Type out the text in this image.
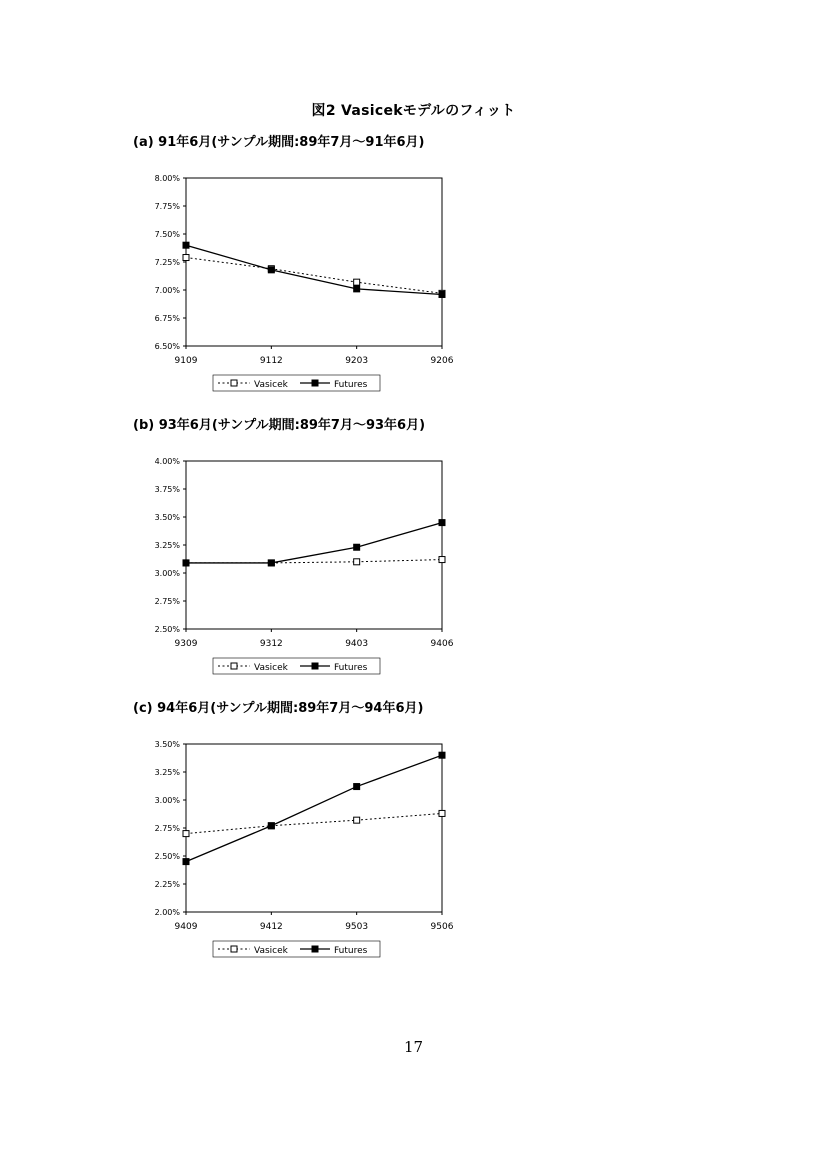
図2 Vasicekモデルのフィット
(a) 91年6月(サンプル期間:89年7月～91年6月)
8.00%
7.75%
7.50%
7.25%
7.00%
6.75%
6.50%
9109	9112	9203	9206
Vasicek	Futures
(b) 93年6月(サンプル期間:89年7月～93年6月)
4.00%
3.75%
3.50%
3.25%
3.00%
2.75%
2.50%
9309	9312	9403	9406
Vasicek	Futures
(c) 94年6月(サンプル期間:89年7月～94年6月)
3.50%
3.25%
3.00%
2.75%
2.50%
2.25%
2.00%
9409	9412	9503	9506
Vasicek	Futures
17
